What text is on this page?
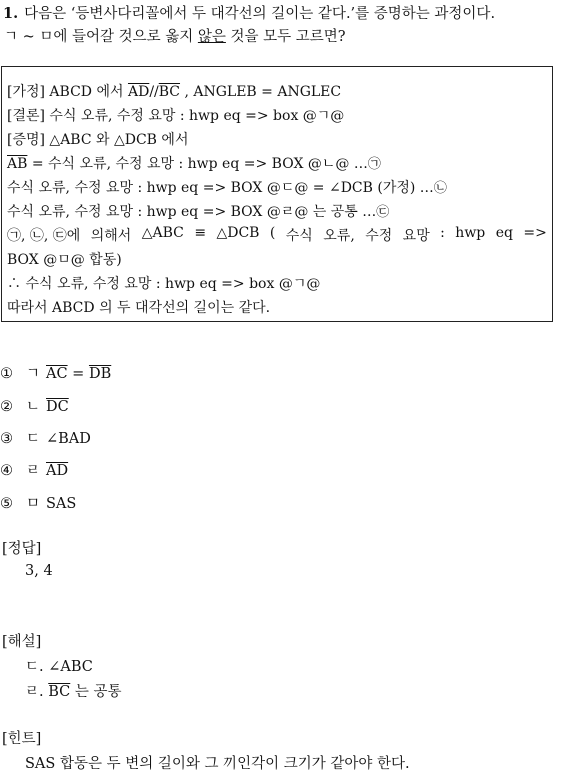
1. 다음은 ‘등변사다리꼴에서 두 대각선의 길이는 같다.’를 증명하는 과정이다.
ㄱ ~ ㅁ에 들어갈 것으로 옳지 않은 것을 모두 고르면?
[가정] ABCD 에서 $\overline{AD}//\overline{BC}$ , ANGLEB = ANGLEC
[결론] 수식 오류, 수정 요망 : hwp eq => box @ㄱ@
[증명] △ABC 와 △DCB 에서
$\overline{AB}$ = 수식 오류, 수정 요망 : hwp eq => BOX @ㄴ@ …㉠
수식 오류, 수정 요망 : hwp eq => BOX @ㄷ@ = ∠DCB (가정) …㉡
수식 오류, 수정 요망 : hwp eq => BOX @ㄹ@ 는 공통 …㉢
㉠, ㉡, ㉢에 의해서 △ABC ≡ △DCB ( 수식 오류, 수정 요망 : hwp eq =>
BOX @ㅁ@ 합동)
∴ 수식 오류, 수정 요망 : hwp eq => box @ㄱ@
따라서 ABCD 의 두 대각선의 길이는 같다.
① ㄱ $\overline{AC} = \overline{DB}$
② ㄴ $\overline{DC}$
③ ㄷ ∠BAD
④ ㄹ $\overline{AD}$
⑤ ㅁ SAS
[정답]
3, 4
[해설]
ㄷ. ∠ABC
ㄹ. $\overline{BC}$ 는 공통
[힌트]
SAS 합동은 두 변의 길이와 그 끼인각이 크기가 같아야 한다.
